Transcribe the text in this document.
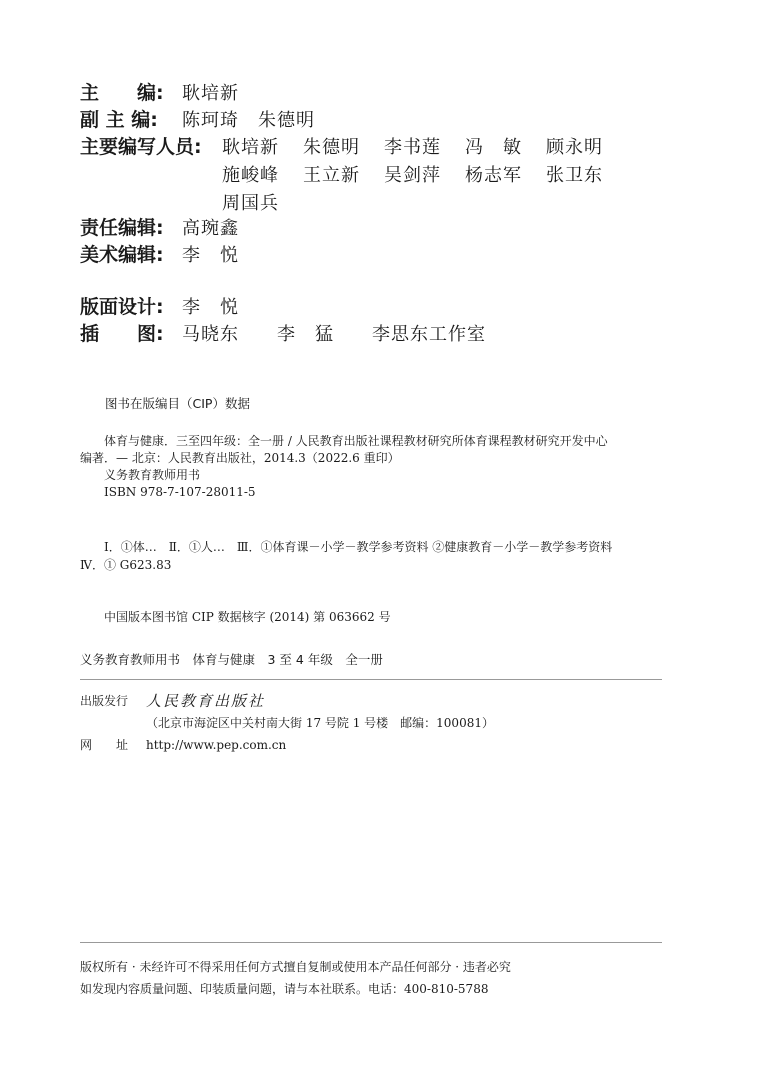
主　　编:	耿培新
副 主 编:	陈珂琦　朱德明
主要编写人员:	耿培新 朱德明 李书莲 冯　敏 顾永明施峻峰 王立新 吴剑萍 杨志军 张卫东周国兵
责任编辑:	高琬鑫
美术编辑:	李　悦
版面设计:	李　悦
插　　图:	马晓东　　李　猛　　李思东工作室
图书在版编目（CIP）数据

体育与健康．三至四年级：全一册 / 人民教育出版社课程教材研究所体育课程教材研究开发中心

编著．— 北京：人民教育出版社，2014.3（2022.6 重印）

义务教育教师用书

ISBN 978-7-107-28011-5

Ⅰ．①体…　Ⅱ．①人…　Ⅲ．①体育课－小学－教学参考资料 ②健康教育－小学－教学参考资料

Ⅳ．① G623.83

中国版本图书馆 CIP 数据核字 (2014) 第 063662 号
义务教育教师用书　体育与健康　3 至 4 年级　全一册
出版发行 人民教育出版社
（北京市海淀区中关村南大街 17 号院 1 号楼　邮编：100081）
网　　址 http://www.pep.com.cn

版权所有 · 未经许可不得采用任何方式擅自复制或使用本产品任何部分 · 违者必究

如发现内容质量问题、印装质量问题，请与本社联系。电话：400-810-5788
